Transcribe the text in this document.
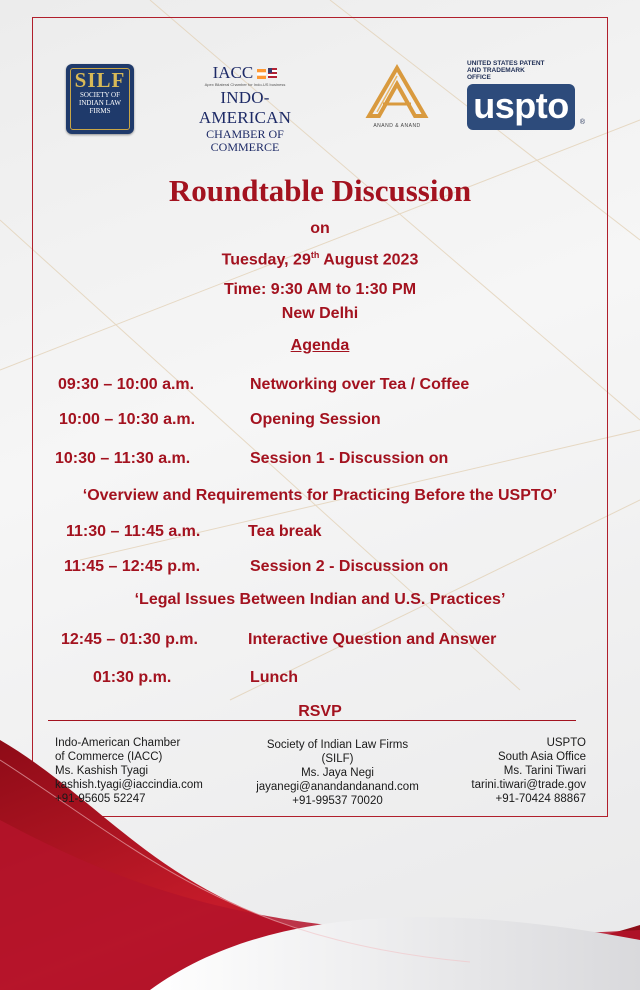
SILF
SOCIETY OF INDIAN LAW FIRMS
IACC
Apex Bilateral Chamber for Indo-US business
INDO-AMERICAN
CHAMBER OF COMMERCE
ANAND & ANAND
UNITED STATES PATENT AND TRADEMARK OFFICE
uspto	®
Roundtable Discussion
on
Tuesday, 29th August 2023
Time: 9:30 AM to 1:30 PM
New Delhi
Agenda
09:30 – 10:00 a.m.	Networking over Tea / Coffee
10:00 – 10:30 a.m.	Opening Session
10:30 – 11:30 a.m.	Session 1 - Discussion on
‘Overview and Requirements for Practicing Before the USPTO’
11:30 – 11:45 a.m.	Tea break
11:45 – 12:45 p.m.	Session 2 - Discussion on
‘Legal Issues Between Indian and U.S. Practices’
12:45 – 01:30 p.m.	Interactive Question and Answer
01:30 p.m.	Lunch
RSVP
Indo-American Chamber
of Commerce (IACC)
Ms. Kashish Tyagi
kashish.tyagi@iaccindia.com
+91-95605 52247
Society of Indian Law Firms
(SILF)
Ms. Jaya Negi
jayanegi@anandandanand.com
+91-99537 70020
USPTO
South Asia Office
Ms. Tarini Tiwari
tarini.tiwari@trade.gov
+91-70424 88867
